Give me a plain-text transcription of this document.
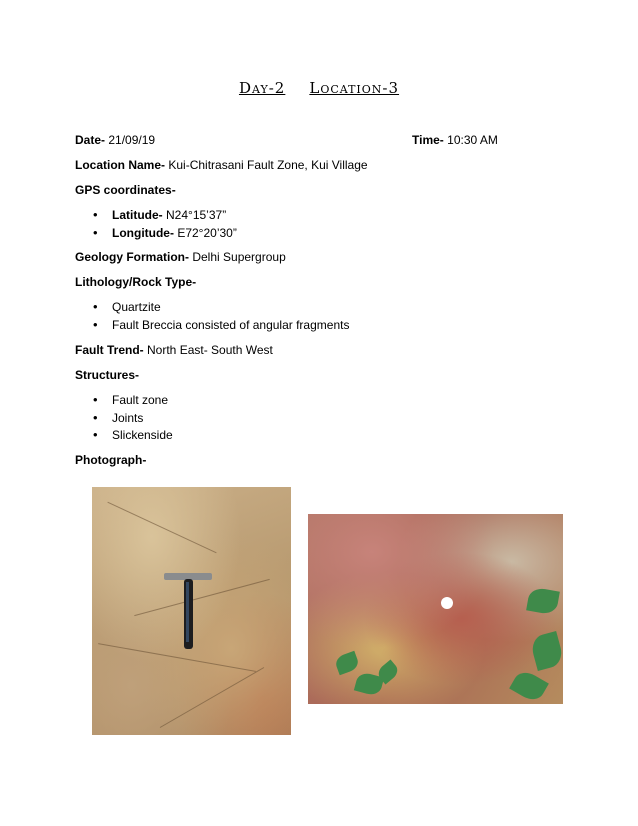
Day-2 Location-3
Date- 21/09/19	Time- 10:30 AM
Location Name- Kui-Chitrasani Fault Zone, Kui Village
GPS coordinates-
• Latitude- N24°15’37”
• Longitude- E72°20’30”
Geology Formation- Delhi Supergroup
Lithology/Rock Type-
• Quartzite
• Fault Breccia consisted of angular fragments
Fault Trend- North East- South West
Structures-
• Fault zone
• Joints
• Slickenside
Photograph-
